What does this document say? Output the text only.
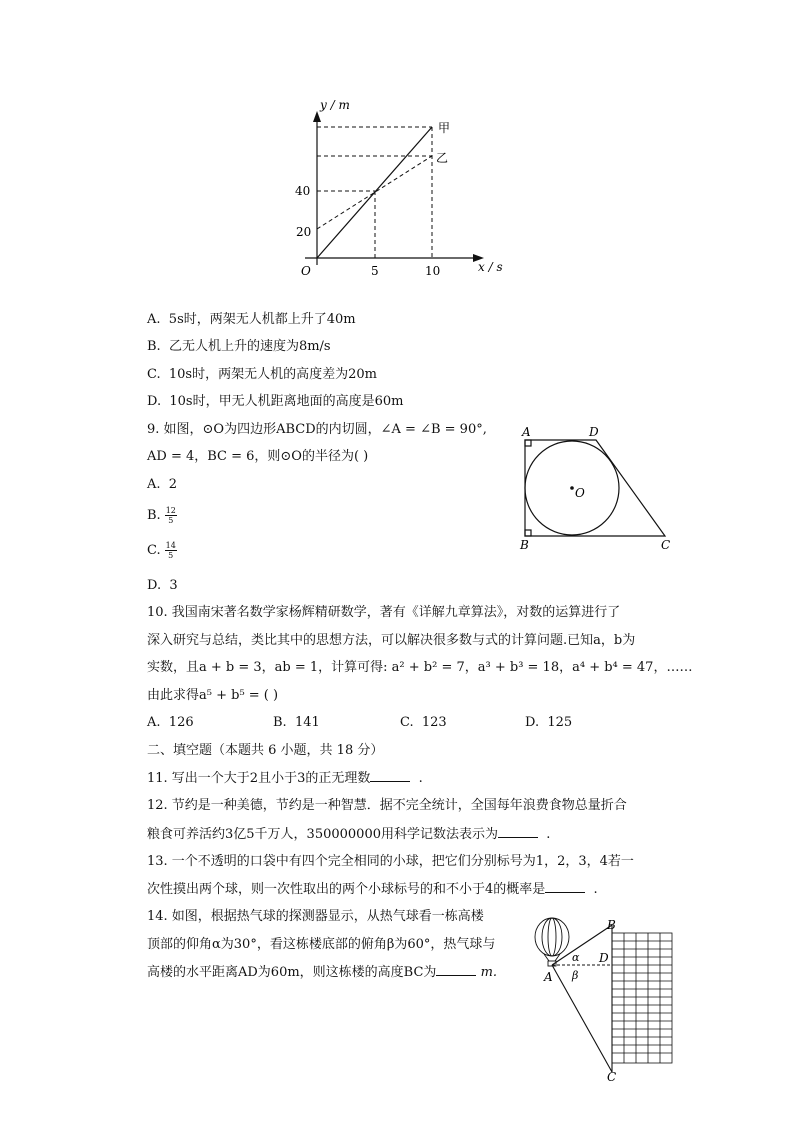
y / m
x / s
O
40
20
5	10
甲
乙
A. 5s时，两架无人机都上升了40m
B. 乙无人机上升的速度为8m/s
C. 10s时，两架无人机的高度差为20m
D. 10s时，甲无人机距离地面的高度是60m
9. 如图，⊙O为四边形ABCD的内切圆，∠A = ∠B = 90°,
AD = 4，BC = 6，则⊙O的半径为( )
A. 2
B. $\frac{12}{5}$
C. $\frac{14}{5}$
D. 3
A	D
O
B	C
10. 我国南宋著名数学家杨辉精研数学，著有《详解九章算法》，对数的运算进行了
深入研究与总结，类比其中的思想方法，可以解决很多数与式的计算问题.已知a，b为
实数，且a + b = 3，ab = 1，计算可得: a² + b² = 7，a³ + b³ = 18，a⁴ + b⁴ = 47，……
由此求得a⁵ + b⁵ = ( )
A. 126	B. 141	C. 123	D. 125
二、填空题（本题共 6 小题，共 18 分）
11. 写出一个大于2且小于3的正无理数	.
12. 节约是一种美德，节约是一种智慧．据不完全统计，全国每年浪费食物总量折合
粮食可养活约3亿5千万人，350000000用科学记数法表示为	.
13. 一个不透明的口袋中有四个完全相同的小球，把它们分别标号为1，2，3，4若一
次性摸出两个球，则一次性取出的两个小球标号的和不小于4的概率是	.
14. 如图，根据热气球的探测器显示，从热气球看一栋高楼
顶部的仰角α为30°，看这栋楼底部的俯角β为60°，热气球与
高楼的水平距离AD为60m，则这栋楼的高度BC为	m.
B
D
A
α
β
C
